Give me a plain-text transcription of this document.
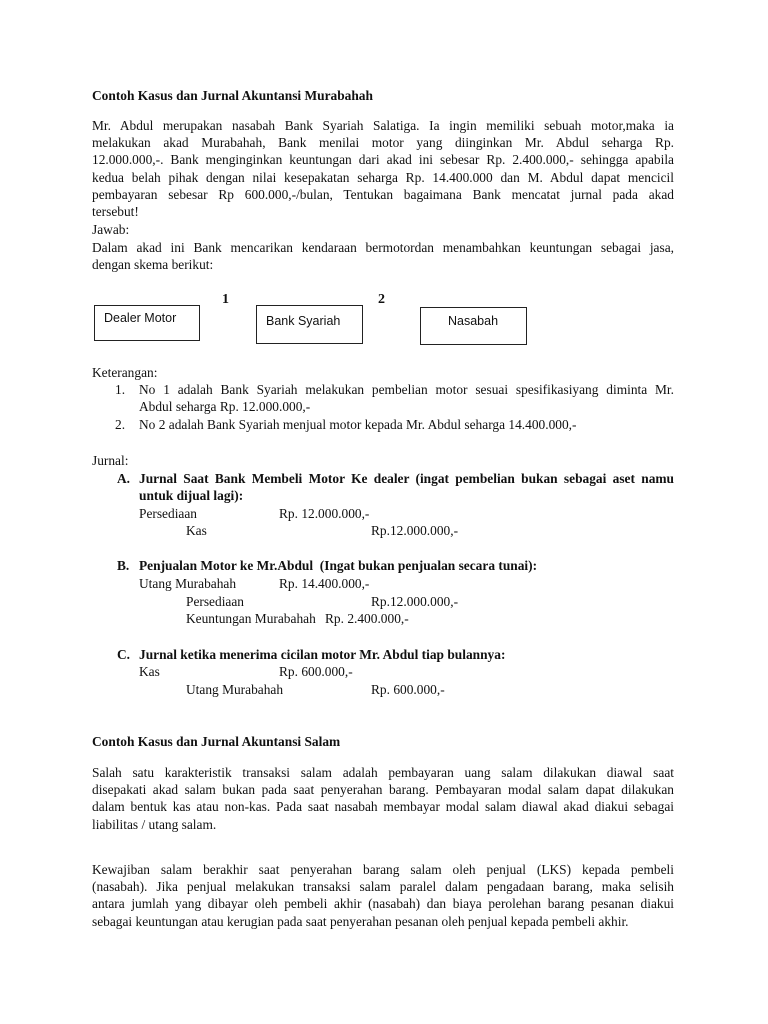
Contoh Kasus dan Jurnal Akuntansi Murabahah
Mr. Abdul merupakan nasabah Bank Syariah Salatiga. Ia ingin memiliki sebuah motor,maka ia
melakukan akad Murabahah, Bank menilai motor yang diinginkan Mr. Abdul seharga Rp.
12.000.000,-. Bank menginginkan keuntungan dari akad ini sebesar Rp. 2.400.000,- sehingga apabila
kedua belah pihak dengan nilai kesepakatan seharga Rp. 14.400.000 dan M. Abdul dapat mencicil
pembayaran sebesar Rp 600.000,-/bulan, Tentukan bagaimana Bank mencatat jurnal pada akad
tersebut!
Jawab:
Dalam akad ini Bank mencarikan kendaraan bermotordan menambahkan keuntungan sebagai jasa,
dengan skema berikut:
1	2
Dealer Motor	Bank Syariah	Nasabah
Keterangan:
1. No 1 adalah Bank Syariah melakukan pembelian motor sesuai spesifikasiyang diminta Mr.
Abdul seharga Rp. 12.000.000,-
2. No 2 adalah Bank Syariah menjual motor kepada Mr. Abdul seharga 14.400.000,-
Jurnal:
A. Jurnal Saat Bank Membeli Motor Ke dealer (ingat pembelian bukan sebagai aset namu
untuk dijual lagi):
Persediaan	Rp. 12.000.000,-
Kas	Rp.12.000.000,-
B. Penjualan Motor ke Mr.Abdul  (Ingat bukan penjualan secara tunai):
Utang Murabahah	Rp. 14.400.000,-
Persediaan	Rp.12.000.000,-
Keuntungan Murabahah Rp. 2.400.000,-
C. Jurnal ketika menerima cicilan motor Mr. Abdul tiap bulannya:
Kas	Rp. 600.000,-
Utang Murabahah	Rp. 600.000,-
Contoh Kasus dan Jurnal Akuntansi Salam
Salah satu karakteristik transaksi salam adalah pembayaran uang salam dilakukan diawal saat
disepakati akad salam bukan pada saat penyerahan barang. Pembayaran modal salam dapat dilakukan
dalam bentuk kas atau non-kas. Pada saat nasabah membayar modal salam diawal akad diakui sebagai
liabilitas / utang salam.
Kewajiban salam berakhir saat penyerahan barang salam oleh penjual (LKS) kepada pembeli
(nasabah). Jika penjual melakukan transaksi salam paralel dalam pengadaan barang, maka selisih
antara jumlah yang dibayar oleh pembeli akhir (nasabah) dan biaya perolehan barang pesanan diakui
sebagai keuntungan atau kerugian pada saat penyerahan pesanan oleh penjual kepada pembeli akhir.
